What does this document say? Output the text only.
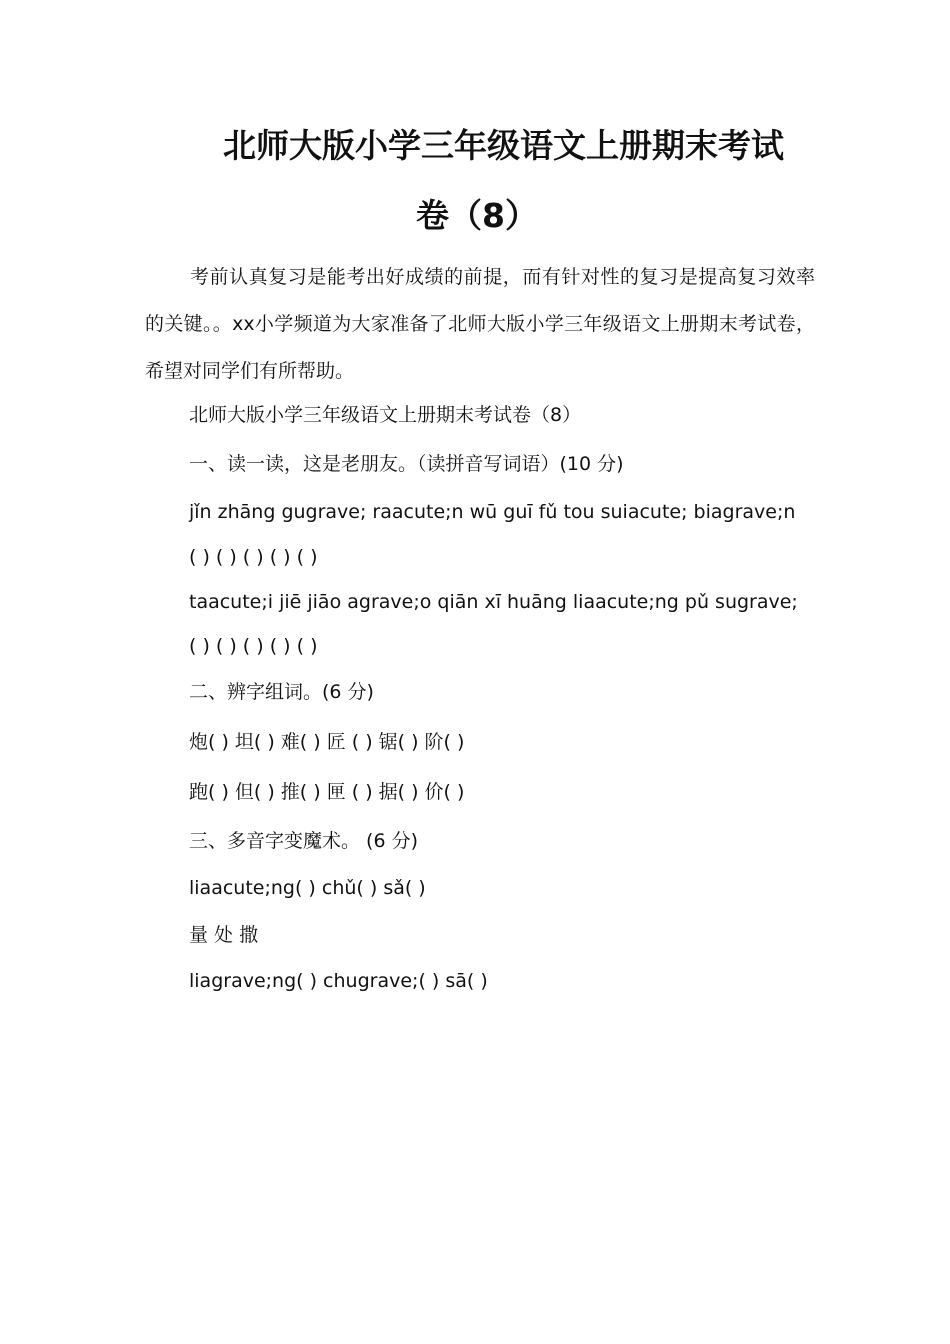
北师大版小学三年级语文上册期末考试
卷（8）

考前认真复习是能考出好成绩的前提，而有针对性的复习是提高复习效率的关键。。xx小学频道为大家准备了北师大版小学三年级语文上册期末考试卷，希望对同学们有所帮助。

北师大版小学三年级语文上册期末考试卷（8）

一、读一读，这是老朋友。（读拼音写词语）(10 分)

jǐn zhāng gugrave; raacute;n wū guī fǔ tou suiacute; biagrave;n

( ) ( ) ( ) ( ) ( )

taacute;i jiē jiāo agrave;o qiān xī huāng liaacute;ng pǔ sugrave;

( ) ( ) ( ) ( ) ( )

二、辨字组词。(6 分)

炮( ) 坦( ) 难( ) 匠 ( ) 锯( ) 阶( )

跑( ) 但( ) 推( ) 匣 ( ) 据( ) 价( )

三、多音字变魔术。 (6 分)

liaacute;ng( ) chǔ( ) sǎ( )

量 处 撒

liagrave;ng( ) chugrave;( ) sā( )
